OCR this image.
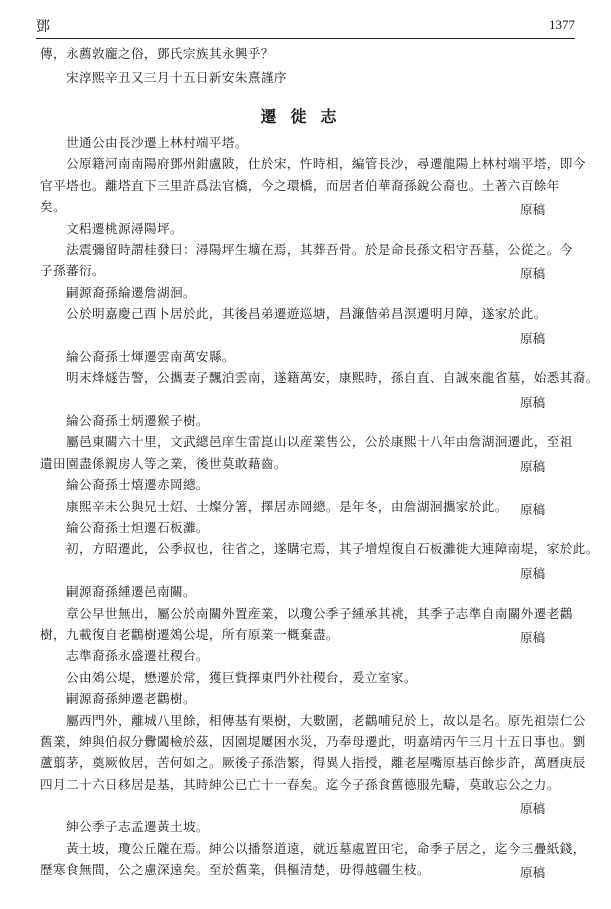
鄧	1377
傳，永薦敦龐之俗，鄧氏宗族其永興乎？
宋淳熙辛丑又三月十五日新安朱熹謹序
遷徙志
世通公由長沙遷上林村端平塔。
公原籍河南南陽府鄧州鉗盧陂，仕於宋，忤時相，編管長沙，尋遷龍陽上林村端平塔，即今
官平塔也。離塔直下三里許爲法官橋，今之環橋，而居者伯華裔孫銳公裔也。土著六百餘年
矣。	原稿
文稆遷桃源潯陽坪。
法震彌留時謂桂發曰：潯陽坪生壙在焉，其葬吾骨。於是命長孫文稆守吾墓，公從之。今
子孫蕃衍。	原稿
嗣源裔孫綸遷詹湖洄。
公於明嘉慶己酉卜居於此，其後昌弟遷遊巡塘，昌濂偕弟昌溟遷明月障，遂家於此。
原稿
綸公裔孫士煇遷雲南萬安縣。
明末烽燧告警，公攜妻子飄泊雲南，遂籍萬安，康熙時，孫自直、自誠來龍省墓，始悉其裔。
原稿
綸公裔孫士炳遷猴子樹。
屬邑東關六十里，文武總邑庠生雷崑山以産業售公，公於康熙十八年由詹湖洄遷此，至祖
遺田園盡係親房人等之業，後世莫敢藉齒。	原稿
綸公裔孫士熺遷赤岡總。
康熙辛未公與兄士炤、士燦分箸，擇居赤岡總。是年冬，由詹湖洄攜家於此。 原稿
綸公裔孫士炟遷石板灘。
初，方昭遷此，公季叔也，往省之，遂購宅焉，其子增煌復自石板灘徙大連障南堤，家於此。
原稿
嗣源裔孫緟遷邑南關。
章公早世無出，屬公於南關外置産業，以瓊公季子緟承其祧，其季子志準自南關外遷老鸛
樹，九載復自老鸛樹遷鵁公堤，所有原業一概棄盡。	原稿
志準裔孫永盛遷社稷台。
公由鵁公堤，懋遷於常，獲巨貲擇東門外社稷台，爰立室家。
嗣源裔孫紳遷老鸛樹。
屬西門外，離城八里餘，相傳基有栗樹，大數圍，老鸛哺兒於上，故以是名。原先祖崇仁公
舊業，紳與伯叔分釁闔檢於茲，因園堤屢困水災，乃奉母遷此，明嘉靖丙午三月十五日事也。劉
蘆翦茅，奠厥攸居，苦何如之。厥後子孫浩繁，得異人指授，離老屋嘴原基百餘步許，萬曆庚辰
四月二十六日移居是基，其時紳公已亡十一春矣。迄今子孫食舊德服先疇，莫敢忘公之力。
原稿
紳公季子志孟遷黃土坡。
黃土坡，瓊公丘隴在焉。紳公以播祭道遠，就近墓處置田宅，命季子居之，迄今三疊紙錢，
歷寒食無間，公之慮深遠矣。至於舊業，俱樞清楚，毋得越疆生枝。	原稿
